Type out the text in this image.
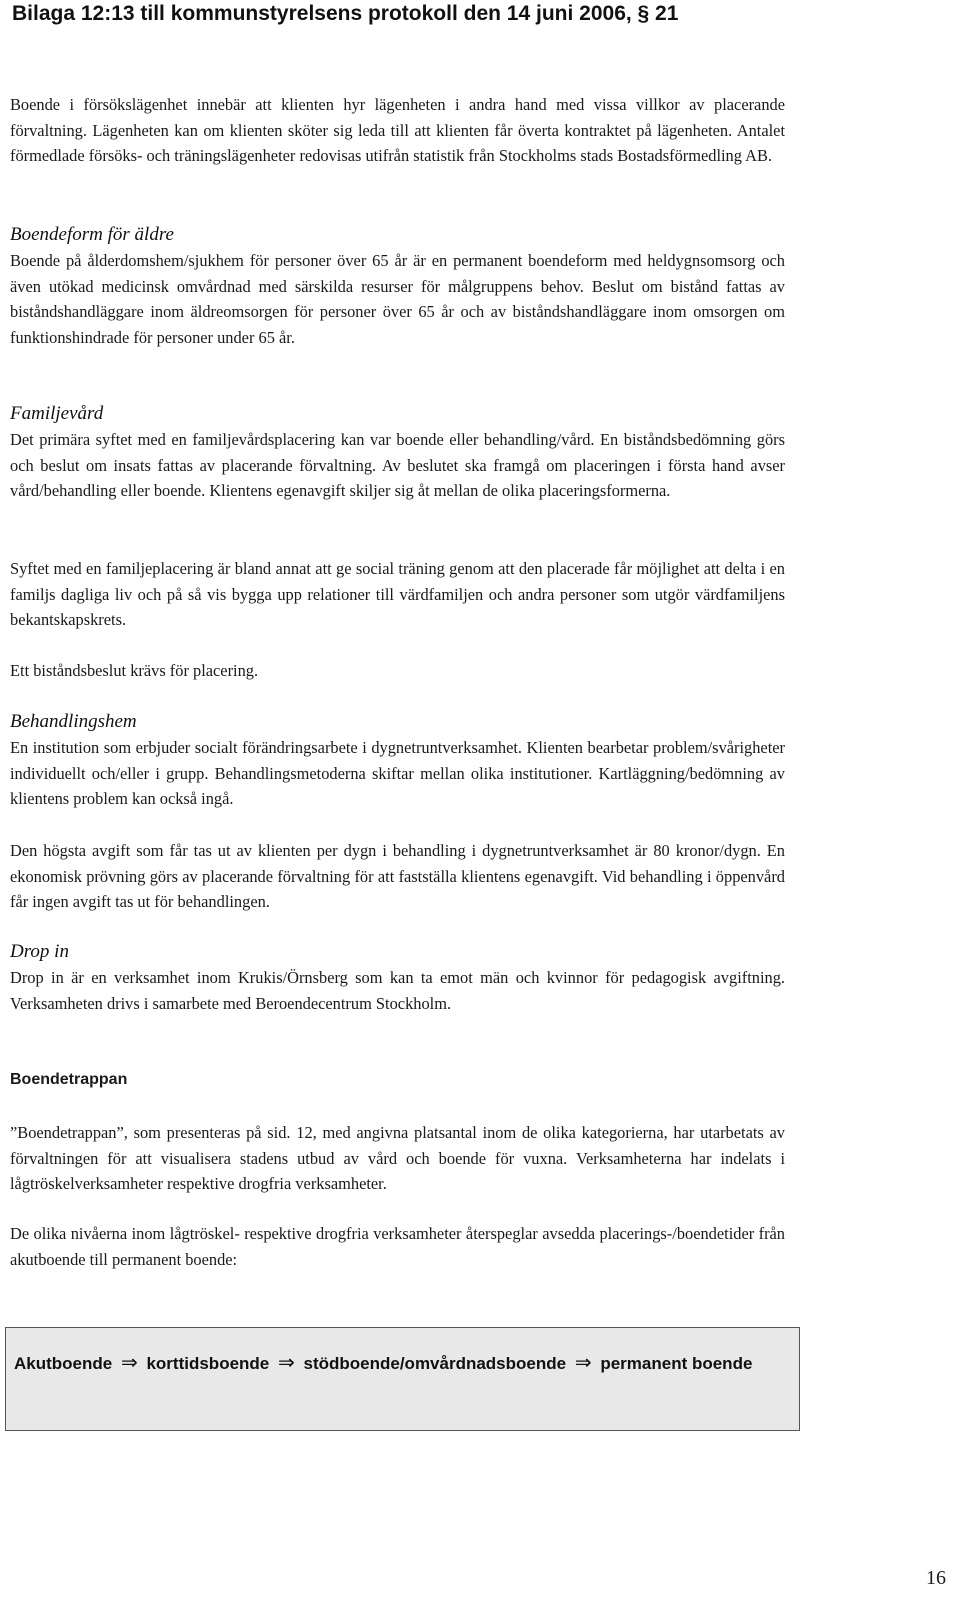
Bilaga 12:13 till kommunstyrelsens protokoll den 14 juni 2006, § 21

Boende i försökslägenhet innebär att klienten hyr lägenheten i andra hand med vissa villkor av placerande förvaltning. Lägenheten kan om klienten sköter sig leda till att klienten får överta kontraktet på lägenheten. Antalet förmedlade försöks- och träningslägenheter redovisas utifrån statistik från Stockholms stads Bostadsförmedling AB.

Boendeform för äldre

Boende på ålderdomshem/sjukhem för personer över 65 år är en permanent boendeform med heldygnsomsorg och även utökad medicinsk omvårdnad med särskilda resurser för målgruppens behov. Beslut om bistånd fattas av biståndshandläggare inom äldreomsorgen för personer över 65 år och av biståndshandläggare inom omsorgen om funktionshindrade för personer under 65 år.

Familjevård

Det primära syftet med en familjevårdsplacering kan var boende eller behandling/vård. En biståndsbedömning görs och beslut om insats fattas av placerande förvaltning. Av beslutet ska framgå om placeringen i första hand avser vård/behandling eller boende. Klientens egenavgift skiljer sig åt mellan de olika placeringsformerna.

Syftet med en familjeplacering är bland annat att ge social träning genom att den placerade får möjlighet att delta i en familjs dagliga liv och på så vis bygga upp relationer till värdfamiljen och andra personer som utgör värdfamiljens bekantskapskrets.

Ett biståndsbeslut krävs för placering.

Behandlingshem

En institution som erbjuder socialt förändringsarbete i dygnetruntverksamhet. Klienten bearbetar problem/svårigheter individuellt och/eller i grupp. Behandlingsmetoderna skiftar mellan olika institutioner. Kartläggning/bedömning av klientens problem kan också ingå.

Den högsta avgift som får tas ut av klienten per dygn i behandling i dygnetruntverksamhet är 80 kronor/dygn. En ekonomisk prövning görs av placerande förvaltning för att fastställa klientens egenavgift. Vid behandling i öppenvård får ingen avgift tas ut för behandlingen.

Drop in

Drop in är en verksamhet inom Krukis/Örnsberg som kan ta emot män och kvinnor för pedagogisk avgiftning. Verksamheten drivs i samarbete med Beroendecentrum Stockholm.

Boendetrappan

”Boendetrappan”, som presenteras på sid. 12, med angivna platsantal inom de olika kategorierna, har utarbetats av förvaltningen för att visualisera stadens utbud av vård och boende för vuxna. Verksamheterna har indelats i lågtröskelverksamheter respektive drogfria verksamheter.

De olika nivåerna inom lågtröskel- respektive drogfria verksamheter återspeglar avsedda placerings-/boendetider från akutboende till permanent boende:

Akutboende ⇒ korttidsboende ⇒ stödboende/omvårdnadsboende ⇒ permanent boende
16
